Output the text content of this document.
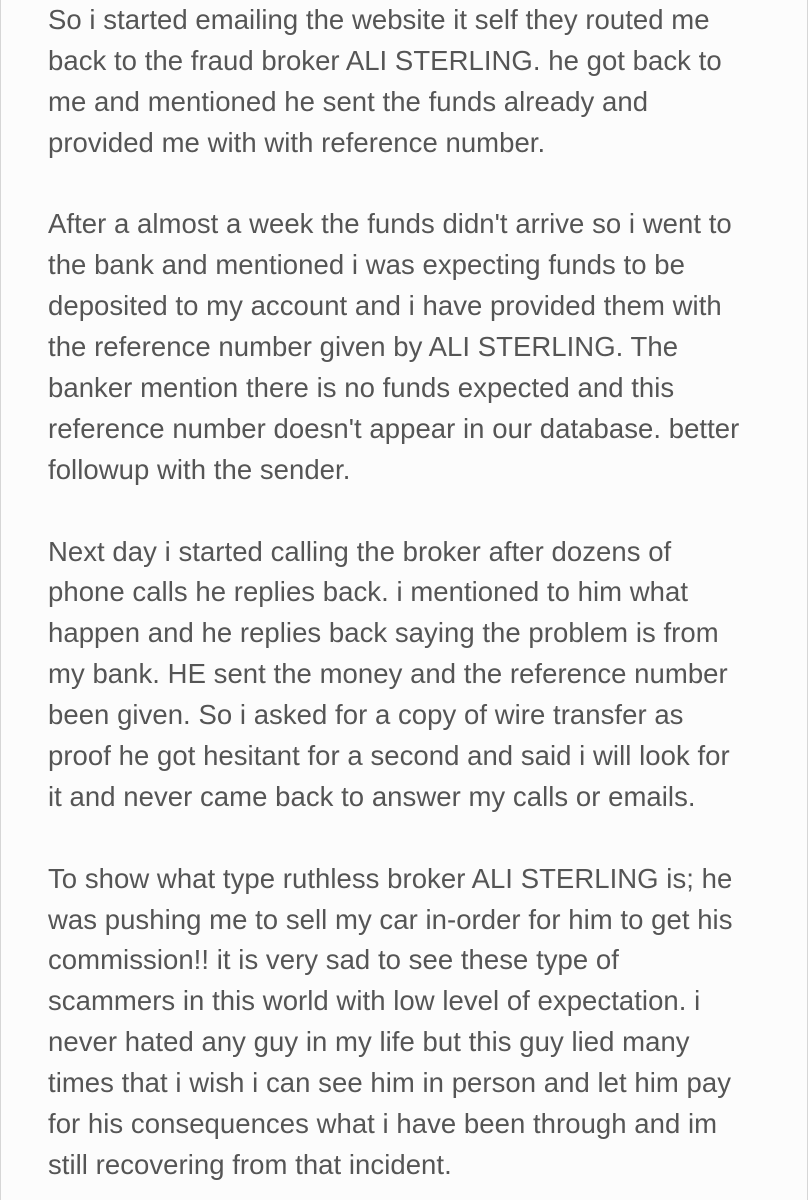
So i started emailing the website it self they routed me
back to the fraud broker ALI STERLING. he got back to
me and mentioned he sent the funds already and
provided me with with reference number.

After a almost a week the funds didn't arrive so i went to
the bank and mentioned i was expecting funds to be
deposited to my account and i have provided them with
the reference number given by ALI STERLING. The
banker mention there is no funds expected and this
reference number doesn't appear in our database. better
followup with the sender.

Next day i started calling the broker after dozens of
phone calls he replies back. i mentioned to him what
happen and he replies back saying the problem is from
my bank. HE sent the money and the reference number
been given. So i asked for a copy of wire transfer as
proof he got hesitant for a second and said i will look for
it and never came back to answer my calls or emails.

To show what type ruthless broker ALI STERLING is; he
was pushing me to sell my car in-order for him to get his
commission!! it is very sad to see these type of
scammers in this world with low level of expectation. i
never hated any guy in my life but this guy lied many
times that i wish i can see him in person and let him pay
for his consequences what i have been through and im
still recovering from that incident.
